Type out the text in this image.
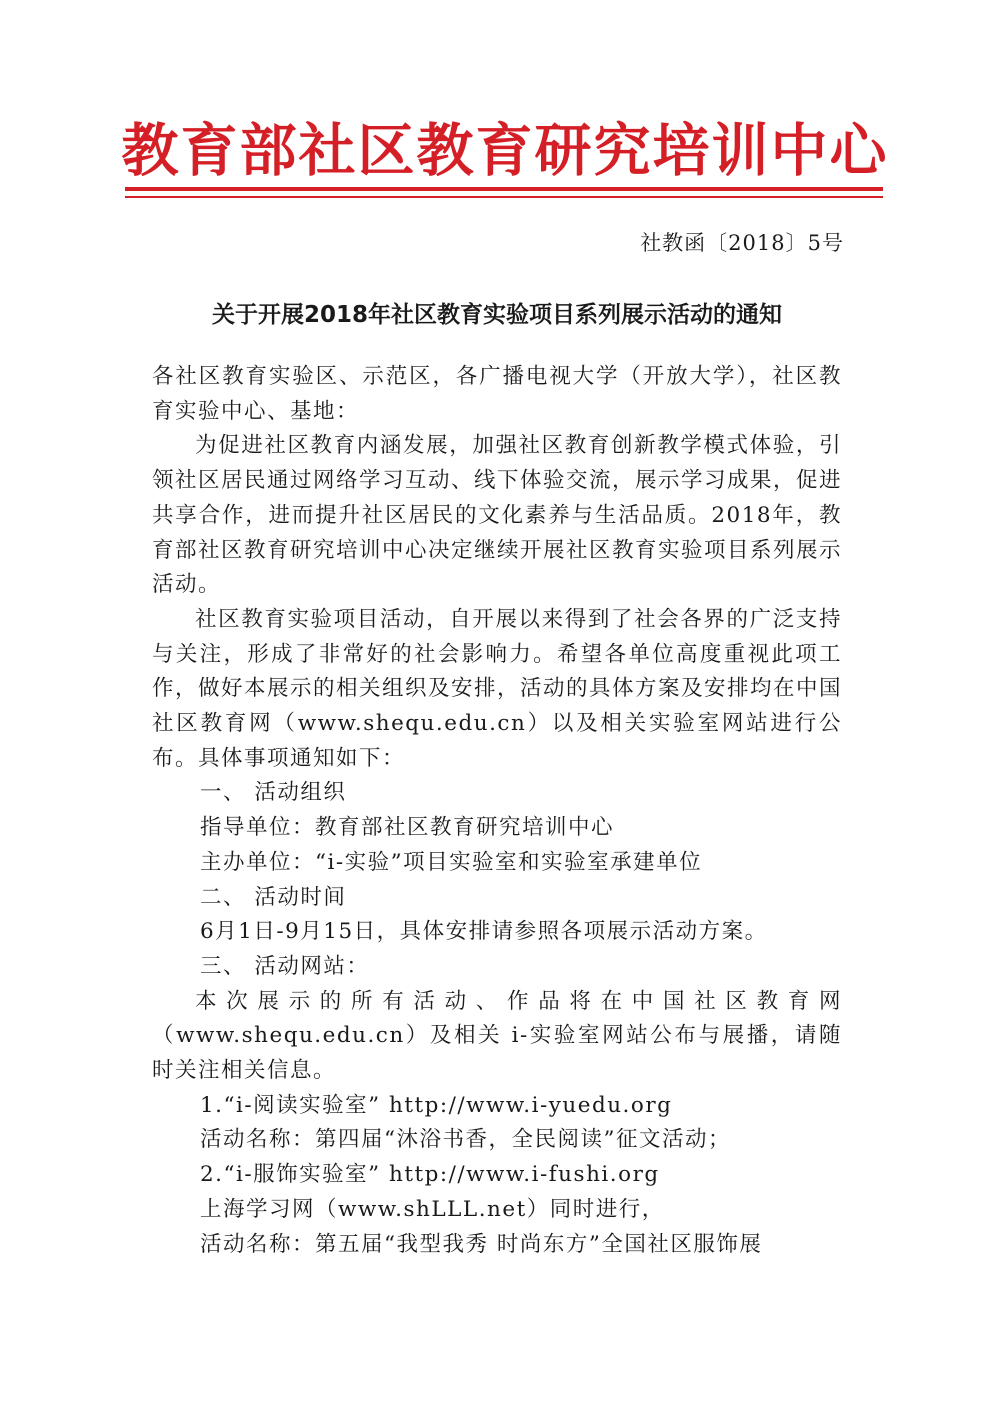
教育部社区教育研究培训中心
社教函〔2018〕5号
关于开展2018年社区教育实验项目系列展示活动的通知

各社区教育实验区、示范区，各广播电视大学（开放大学），社区教育实验中心、基地：

为促进社区教育内涵发展，加强社区教育创新教学模式体验，引领社区居民通过网络学习互动、线下体验交流，展示学习成果，促进共享合作，进而提升社区居民的文化素养与生活品质。2018年，教育部社区教育研究培训中心决定继续开展社区教育实验项目系列展示活动。

社区教育实验项目活动，自开展以来得到了社会各界的广泛支持与关注，形成了非常好的社会影响力。希望各单位高度重视此项工作，做好本展示的相关组织及安排，活动的具体方案及安排均在中国社区教育网（www.shequ.edu.cn）以及相关实验室网站进行公布。具体事项通知如下：

一、 活动组织

指导单位：教育部社区教育研究培训中心

主办单位：“i-实验”项目实验室和实验室承建单位

二、 活动时间

6月1日-9月15日，具体安排请参照各项展示活动方案。

三、 活动网站：

本次展示的所有活动、作品将在中国社区教育网（www.shequ.edu.cn）及相关 i-实验室网站公布与展播，请随时关注相关信息。

1.“i-阅读实验室” http://www.i-yuedu.org

活动名称：第四届“沐浴书香，全民阅读”征文活动；

2.“i-服饰实验室” http://www.i-fushi.org

上海学习网（www.shLLL.net）同时进行，

活动名称：第五届“我型我秀 时尚东方”全国社区服饰展
